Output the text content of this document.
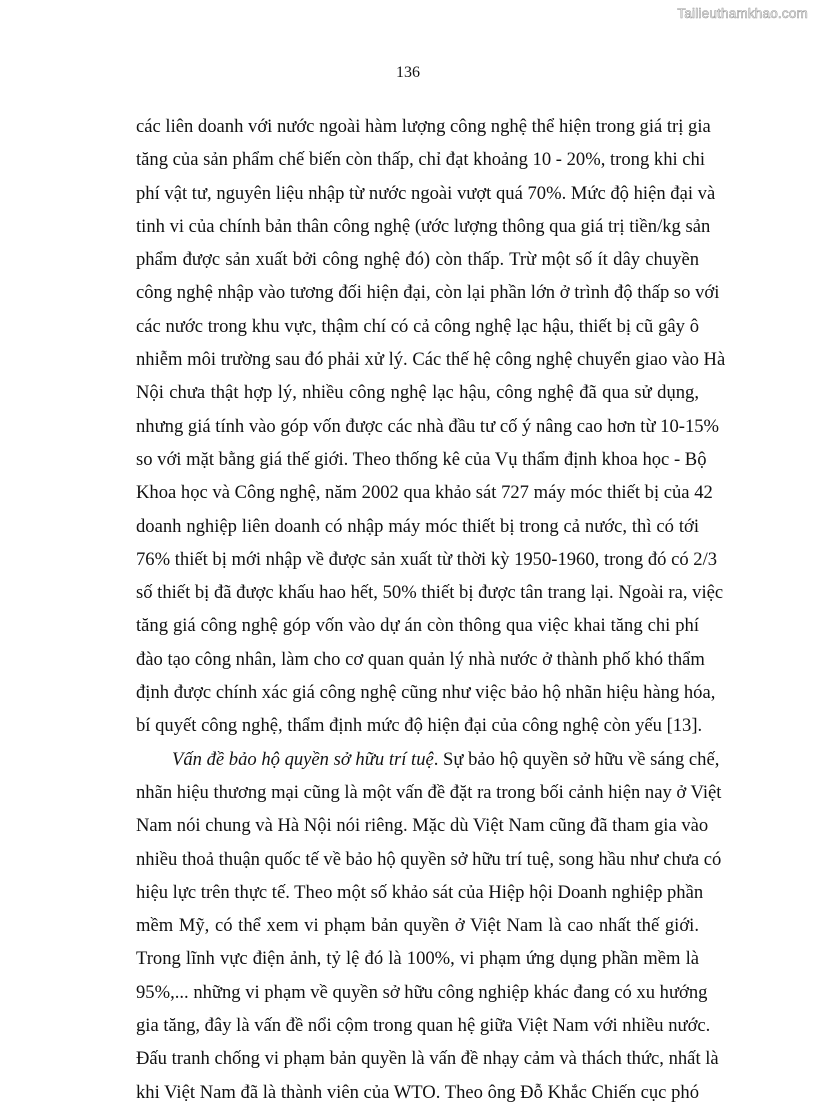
Tailieuthamkhao.com
136
các liên doanh với nước ngoài hàm lượng công nghệ thể hiện trong giá trị gia
tăng của sản phẩm chế biến còn thấp, chỉ đạt khoảng 10 - 20%, trong khi chi
phí vật tư, nguyên liệu nhập từ nước ngoài vượt quá 70%. Mức độ hiện đại và
tinh vi của chính bản thân công nghệ (ước lượng thông qua giá trị tiền/kg sản
phẩm được sản xuất bởi công nghệ đó) còn thấp. Trừ một số ít dây chuyền
công nghệ nhập vào tương đối hiện đại, còn lại phần lớn ở trình độ thấp so với
các nước trong khu vực, thậm chí có cả công nghệ lạc hậu, thiết bị cũ gây ô
nhiễm môi trường sau đó phải xử lý. Các thế hệ công nghệ chuyển giao vào Hà
Nội chưa thật hợp lý, nhiều công nghệ lạc hậu, công nghệ đã qua sử dụng,
nhưng giá tính vào góp vốn được các nhà đầu tư cố ý nâng cao hơn từ 10-15%
so với mặt bằng giá thế giới. Theo thống kê của Vụ thẩm định khoa học - Bộ
Khoa học và Công nghệ, năm 2002 qua khảo sát 727 máy móc thiết bị của 42
doanh nghiệp liên doanh có nhập máy móc thiết bị trong cả nước, thì có tới
76% thiết bị mới nhập về được sản xuất từ thời kỳ 1950-1960, trong đó có 2/3
số thiết bị đã được khấu hao hết, 50% thiết bị được tân trang lại. Ngoài ra, việc
tăng giá công nghệ góp vốn vào dự án còn thông qua việc khai tăng chi phí
đào tạo công nhân, làm cho cơ quan quản lý nhà nước ở thành phố khó thẩm
định được chính xác giá công nghệ cũng như việc bảo hộ nhãn hiệu hàng hóa,
bí quyết công nghệ, thẩm định mức độ hiện đại của công nghệ còn yếu [13].
Vấn đề bảo hộ quyền sở hữu trí tuệ. Sự bảo hộ quyền sở hữu về sáng chế,
nhãn hiệu thương mại cũng là một vấn đề đặt ra trong bối cảnh hiện nay ở Việt
Nam nói chung và Hà Nội nói riêng. Mặc dù Việt Nam cũng đã tham gia vào
nhiều thoả thuận quốc tế về bảo hộ quyền sở hữu trí tuệ, song hầu như chưa có
hiệu lực trên thực tế. Theo một số khảo sát của Hiệp hội Doanh nghiệp phần
mềm Mỹ, có thể xem vi phạm bản quyền ở Việt Nam là cao nhất thế giới.
Trong lĩnh vực điện ảnh, tỷ lệ đó là 100%, vi phạm ứng dụng phần mềm là
95%,... những vi phạm về quyền sở hữu công nghiệp khác đang có xu hướng
gia tăng, đây là vấn đề nổi cộm trong quan hệ giữa Việt Nam với nhiều nước.
Đấu tranh chống vi phạm bản quyền là vấn đề nhạy cảm và thách thức, nhất là
khi Việt Nam đã là thành viên của WTO. Theo ông Đỗ Khắc Chiến cục phó
